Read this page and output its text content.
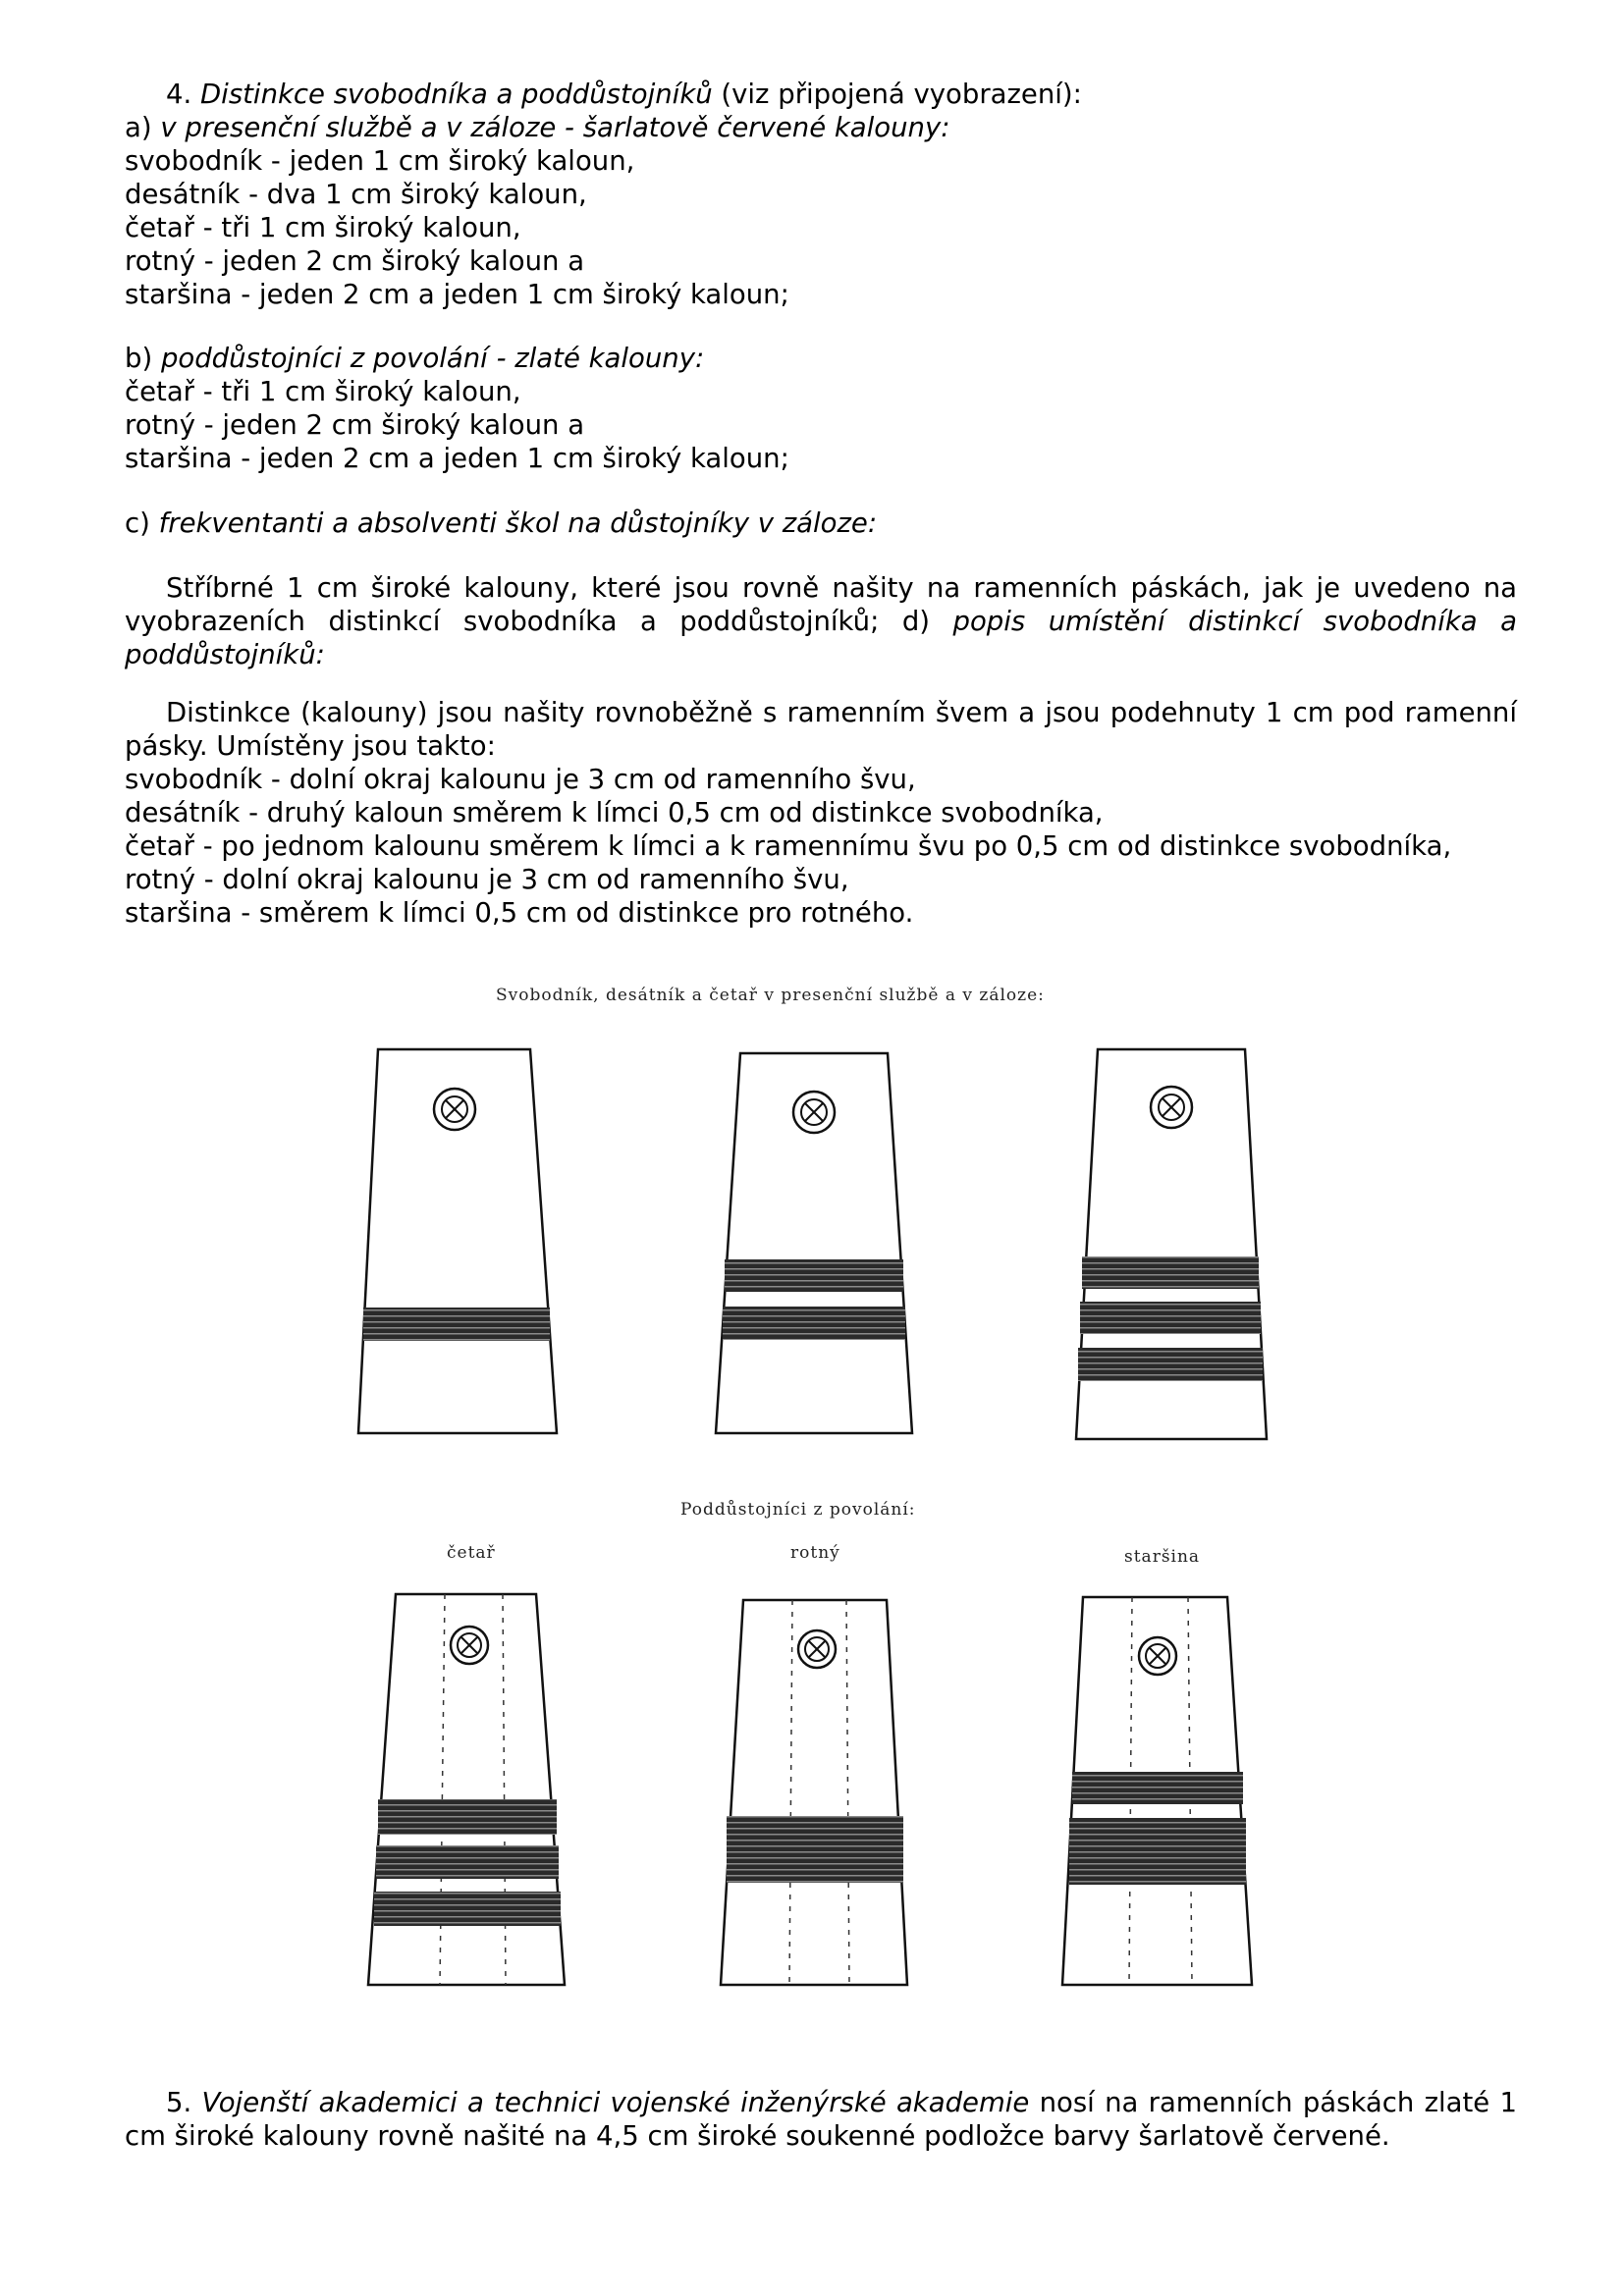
4. Distinkce svobodníka a poddůstojníků (viz připojená vyobrazení):
a) v presenční službě a v záloze - šarlatově červené kalouny:
svobodník - jeden 1 cm široký kaloun,
desátník - dva 1 cm široký kaloun,
četař - tři 1 cm široký kaloun,
rotný - jeden 2 cm široký kaloun a
staršina - jeden 2 cm a jeden 1 cm široký kaloun;
b) poddůstojníci z povolání - zlaté kalouny:
četař - tři 1 cm široký kaloun,
rotný - jeden 2 cm široký kaloun a
staršina - jeden 2 cm a jeden 1 cm široký kaloun;
c) frekventanti a absolventi škol na důstojníky v záloze:
Stříbrné 1 cm široké kalouny, které jsou rovně našity na ramenních páskách, jak je uvedeno na vyobrazeních distinkcí svobodníka a poddůstojníků; d) popis umístění distinkcí svobodníka a poddůstojníků:
Distinkce (kalouny) jsou našity rovnoběžně s ramenním švem a jsou podehnuty 1 cm pod ramenní pásky. Umístěny jsou takto:
svobodník - dolní okraj kalounu je 3 cm od ramenního švu,
desátník - druhý kaloun směrem k límci 0,5 cm od distinkce svobodníka,
četař - po jednom kalounu směrem k límci a k ramennímu švu po 0,5 cm od distinkce svobodníka,
rotný - dolní okraj kalounu je 3 cm od ramenního švu,
staršina - směrem k límci 0,5 cm od distinkce pro rotného.
Svobodník, desátník a četař v presenční službě a v záloze:
Poddůstojníci z povolání:
četař	rotný	staršina
5. Vojenští akademici a technici vojenské inženýrské akademie nosí na ramenních páskách zlaté 1 cm široké kalouny rovně našité na 4,5 cm široké soukenné podložce barvy šarlatově červené.
